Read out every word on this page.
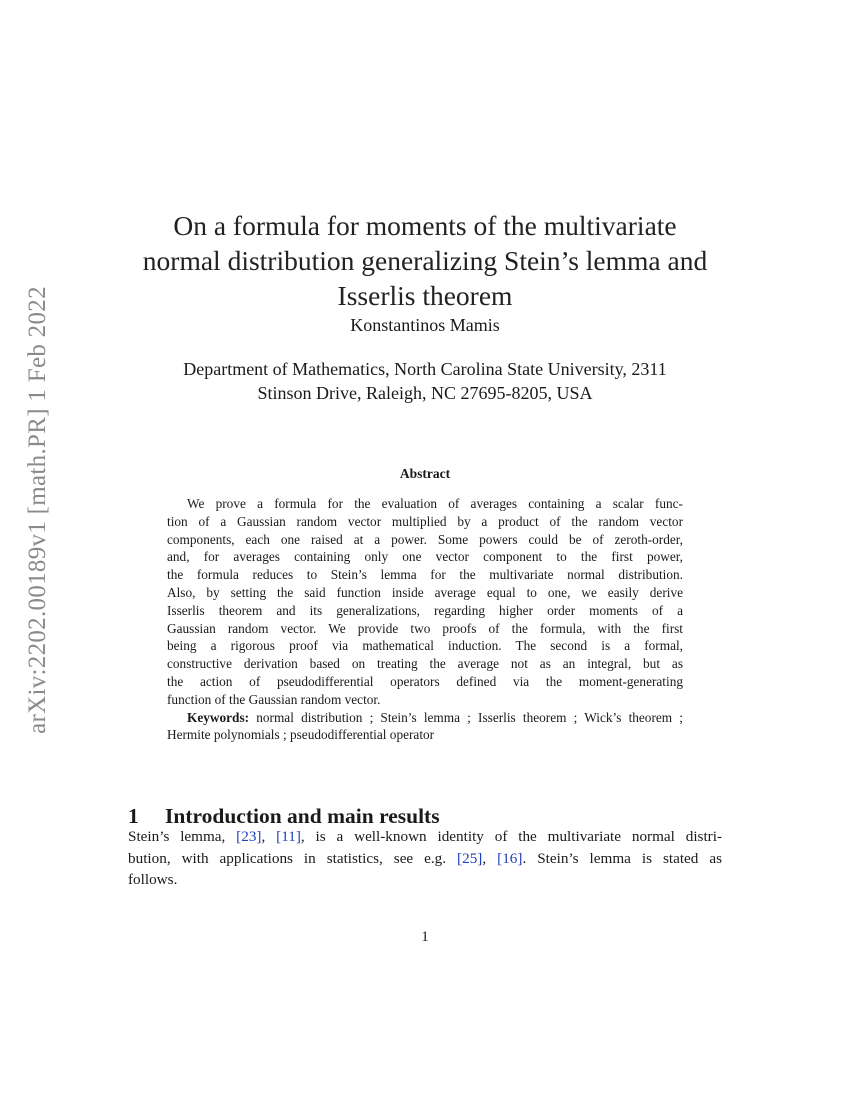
arXiv:2202.00189v1 [math.PR] 1 Feb 2022
On a formula for moments of the multivariate
normal distribution generalizing Stein’s lemma and
Isserlis theorem
Konstantinos Mamis
Department of Mathematics, North Carolina State University, 2311
Stinson Drive, Raleigh, NC 27695-8205, USA
Abstract
We prove a formula for the evaluation of averages containing a scalar func-
tion of a Gaussian random vector multiplied by a product of the random vector
components, each one raised at a power. Some powers could be of zeroth-order,
and, for averages containing only one vector component to the first power,
the formula reduces to Stein’s lemma for the multivariate normal distribution.
Also, by setting the said function inside average equal to one, we easily derive
Isserlis theorem and its generalizations, regarding higher order moments of a
Gaussian random vector. We provide two proofs of the formula, with the first
being a rigorous proof via mathematical induction. The second is a formal,
constructive derivation based on treating the average not as an integral, but as
the action of pseudodifferential operators defined via the moment-generating
function of the Gaussian random vector.
Keywords: normal distribution ; Stein’s lemma ; Isserlis theorem ; Wick’s theorem ; Hermite polynomials ; pseudodifferential operator
1 Introduction and main results
Stein’s lemma, [23], [11], is a well-known identity of the multivariate normal distri-
bution, with applications in statistics, see e.g. [25], [16]. Stein’s lemma is stated as
follows.
1
